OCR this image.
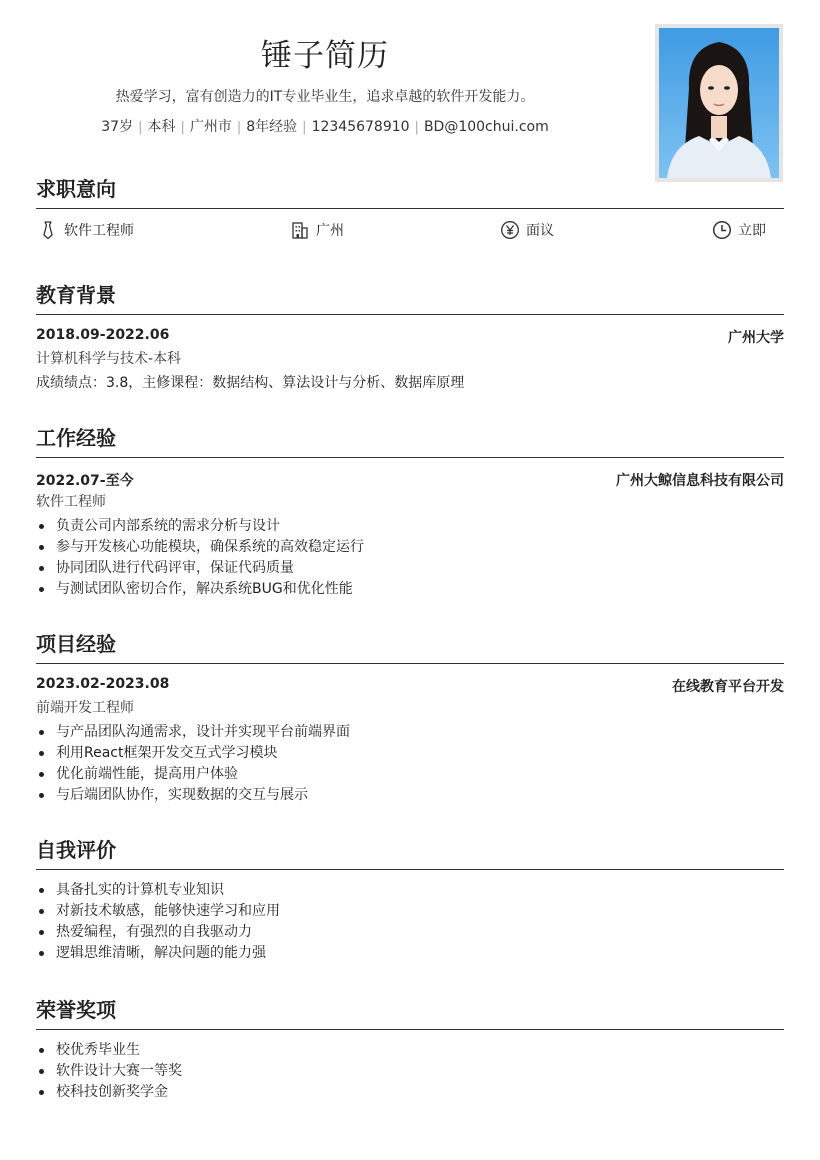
锤子简历
热爱学习，富有创造力的IT专业毕业生，追求卓越的软件开发能力。
37岁 | 本科 | 广州市 | 8年经验 | 12345678910 | BD@100chui.com
求职意向
软件工程师	广州	面议	立即
教育背景
2018.09-2022.06	广州大学
计算机科学与技术-本科
成绩绩点：3.8，主修课程：数据结构、算法设计与分析、数据库原理
工作经验
2022.07-至今	广州大鲸信息科技有限公司
软件工程师
负责公司内部系统的需求分析与设计
参与开发核心功能模块，确保系统的高效稳定运行
协同团队进行代码评审，保证代码质量
与测试团队密切合作，解决系统BUG和优化性能
项目经验
2023.02-2023.08	在线教育平台开发
前端开发工程师
与产品团队沟通需求，设计并实现平台前端界面
利用React框架开发交互式学习模块
优化前端性能，提高用户体验
与后端团队协作，实现数据的交互与展示
自我评价
具备扎实的计算机专业知识
对新技术敏感，能够快速学习和应用
热爱编程，有强烈的自我驱动力
逻辑思维清晰，解决问题的能力强
荣誉奖项
校优秀毕业生
软件设计大赛一等奖
校科技创新奖学金
